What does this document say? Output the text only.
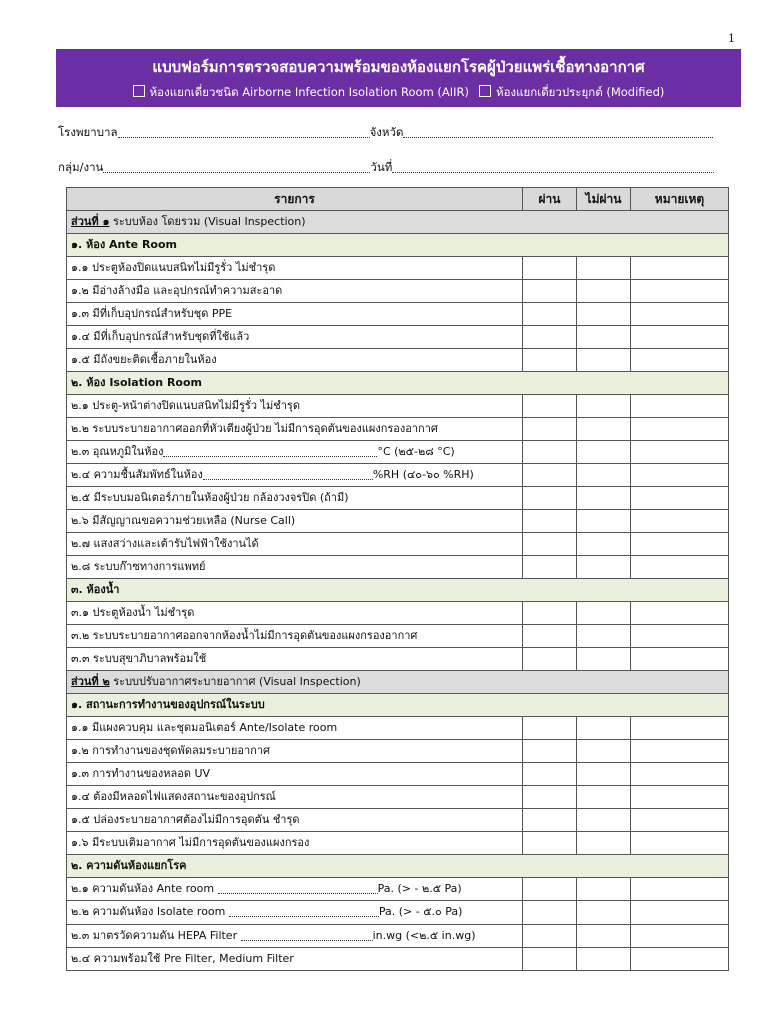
1
แบบฟอร์มการตรวจสอบความพร้อมของห้องแยกโรคผู้ป่วยแพร่เชื้อทางอากาศ
ห้องแยกเดี่ยวชนิด Airborne Infection Isolation Room (AIIR) ห้องแยกเดี่ยวประยุกต์ (Modified)
โรงพยาบาล	จังหวัด
กลุ่ม/งาน	วันที่
รายการ	ผ่าน	ไม่ผ่าน	หมายเหตุ
ส่วนที่ ๑ ระบบห้อง โดยรวม (Visual Inspection)			
๑. ห้อง Ante Room			
๑.๑ ประตูห้องปิดแนบสนิทไม่มีรูรั่ว ไม่ชำรุด			
๑.๒ มีอ่างล้างมือ และอุปกรณ์ทำความสะอาด			
๑.๓ มีที่เก็บอุปกรณ์สำหรับชุด PPE			
๑.๔ มีที่เก็บอุปกรณ์สำหรับชุดที่ใช้แล้ว			
๑.๕ มีถังขยะติดเชื้อภายในห้อง			
๒. ห้อง Isolation Room			
๒.๑ ประตู-หน้าต่างปิดแนบสนิทไม่มีรูรั่ว ไม่ชำรุด			
๒.๒ ระบบระบายอากาศออกที่หัวเตียงผู้ป่วย ไม่มีการอุดตันของแผงกรองอากาศ			
๒.๓ อุณหภูมิในห้อง °C (๒๕-๒๘ °C)			
๒.๔ ความชื้นสัมพัทธ์ในห้อง %RH (๔๐-๖๐ %RH)			
๒.๕ มีระบบมอนิเตอร์ภายในห้องผู้ป่วย กล้องวงจรปิด (ถ้ามี)			
๒.๖ มีสัญญาณขอความช่วยเหลือ (Nurse Call)			
๒.๗ แสงสว่างและเต้ารับไฟฟ้าใช้งานได้			
๒.๘ ระบบก๊าซทางการแพทย์			
๓. ห้องน้ำ			
๓.๑ ประตูห้องน้ำ ไม่ชำรุด			
๓.๒ ระบบระบายอากาศออกจากห้องน้ำไม่มีการอุดตันของแผงกรองอากาศ			
๓.๓ ระบบสุขาภิบาลพร้อมใช้			
ส่วนที่ ๒ ระบบปรับอากาศระบายอากาศ (Visual Inspection)			
๑. สถานะการทำงานของอุปกรณ์ในระบบ			
๑.๑ มีแผงควบคุม และชุดมอนิเตอร์ Ante/Isolate room			
๑.๒ การทำงานของชุดพัดลมระบายอากาศ			
๑.๓ การทำงานของหลอด UV			
๑.๔ ต้องมีหลอดไฟแสดงสถานะของอุปกรณ์			
๑.๕ ปล่องระบายอากาศต้องไม่มีการอุดตัน ชำรุด			
๑.๖ มีระบบเติมอากาศ ไม่มีการอุดตันของแผงกรอง			
๒. ความดันห้องแยกโรค			
๒.๑ ความดันห้อง Ante room Pa. (> - ๒.๕ Pa)			
๒.๒ ความดันห้อง Isolate room Pa. (> - ๕.๐ Pa)			
๒.๓ มาตรวัดความดัน HEPA Filter in.wg (<๒.๕ in.wg)			
๒.๔ ความพร้อมใช้ Pre Filter, Medium Filter			
